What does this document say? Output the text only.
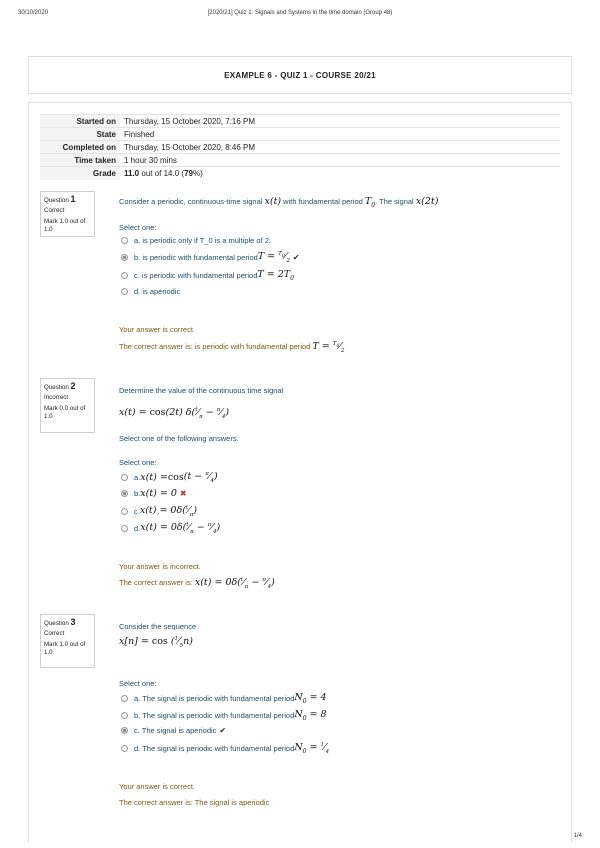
30/10/2020	[2020/21] Quiz 1: Signals and Systems in the time domain (Group 48)
EXAMPLE 6 - QUIZ 1 - COURSE 20/21
Started on	Thursday, 15 October 2020, 7:16 PM
State	Finished
Completed on	Thursday, 15 October 2020, 8:46 PM
Time taken	1 hour 30 mins
Grade	11.0 out of 14.0 (79%)
Question 1
Correct
Mark 1.0 out of 1.0
Consider a periodic, continuous-time signal x(t) with fundamental period $T_0$. The signal x(2t)
Select one:
a. is periodic only if T_0 is a multiple of 2.
b. is periodic with fundamental period $T = ^{T_0}⁄_2$ ✔
c. is periodic with fundamental period $T = 2T_0$
d. is aperiodic
Your answer is correct.
The correct answer is: is periodic with fundamental period $T = ^{T_0}⁄_2$
Question 2
Incorrect
Mark 0.0 out of 1.0
Determine the value of the continuous time signal
x(t) = cos(2t) $\delta(^t⁄_\pi$ − $^\pi⁄_4$)
Select one of the following answers.
Select one:
a. $x(t) = \cos (t - ^\pi⁄_4)$
b. x(t) = 0 ✖
c. $x(t) = 0\delta(^t⁄_\pi)$
d. $x(t) = 0\delta(^t⁄_\pi$ − $^\pi⁄_4$)
Your answer is incorrect.
The correct answer is: $x(t) = 0\delta(^t⁄_\pi$ − $^\pi⁄_4$)
Question 3
Correct
Mark 1.0 out of 1.0
Consider the sequence
$x[n] = \cos (^1⁄_5n)$
Select one:
a. The signal is periodic with fundamental period $N_0 = 4$
b. The signal is periodic with fundamental period $N_0 = 8$
c. The signal is aperiodic ✔
d. The signal is periodic with fundamental period $N_0$ = $^1⁄_4$
Your answer is correct.
The correct answer is: The signal is aperiodic
1/4
